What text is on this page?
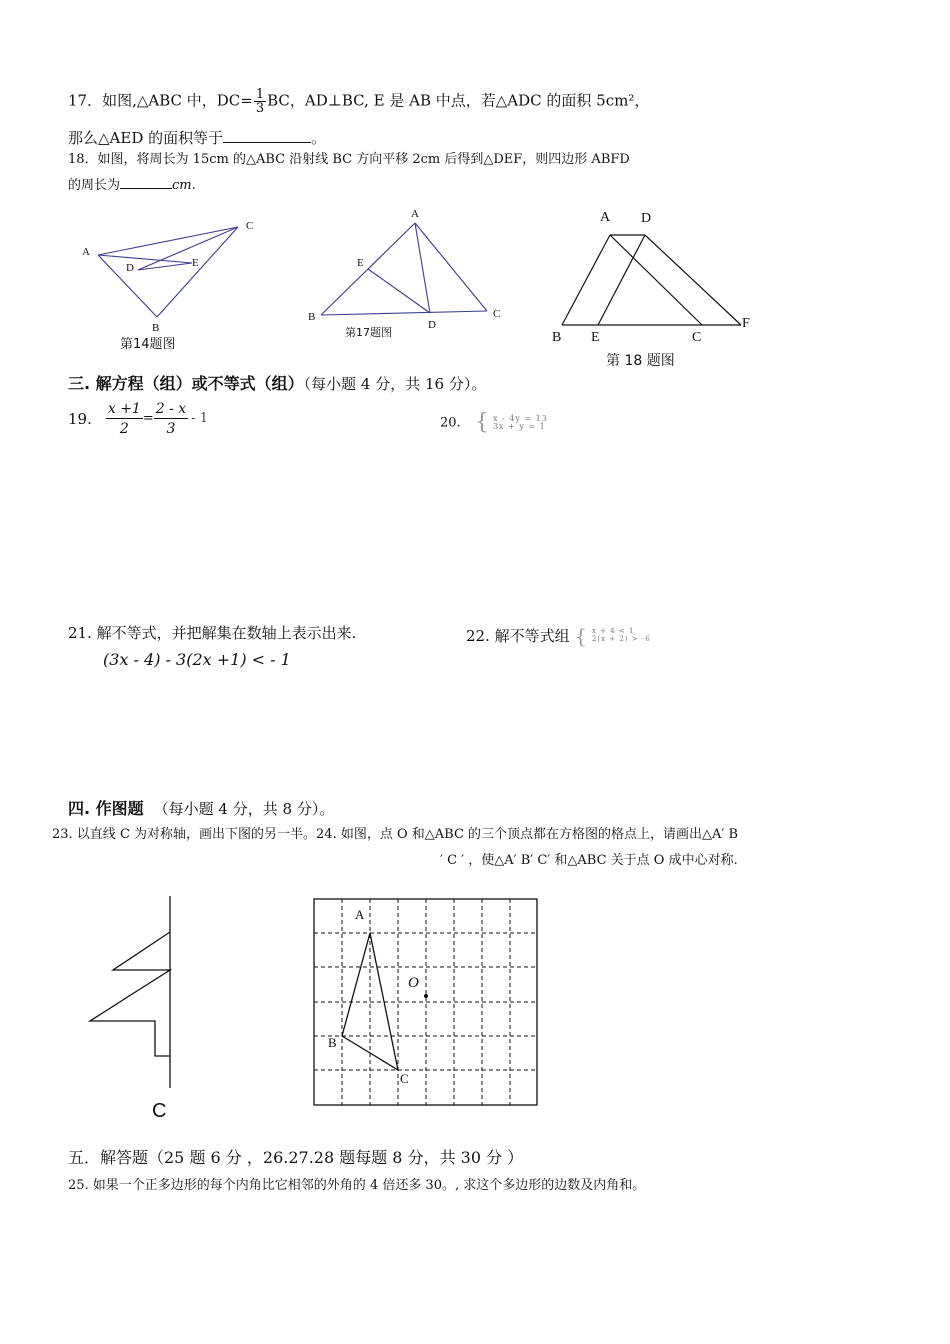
17．如图,△ABC 中，$DC= \frac{1}{3}$ BC，AD⊥BC, E 是 AB 中点，若△ADC 的面积 5cm²，
那么△AED 的面积等于	。
18．如图，将周长为 15cm 的△ABC 沿射线 BC 方向平移 2cm 后得到△DEF，则四边形 ABFD
的周长为	cm.
A
B
C
D	E
第14题图
A
B	C
D
E
第17题图
A D
B E	C
F
第 18 题图
三. 解方程（组）或不等式（组）（每小题 4 分，共 16 分）。
19. $\frac{x +1}{2} = \frac{2 - x}{3} - 1$	20. { x - 4y = 13
3x + y = 1
21. 解不等式，并把解集在数轴上表示出来.
(3x - 4) - 3(2x +1) < - 1
22. 解不等式组 { x + 4 < 1
2(x + 2) > -6
四. 作图题 （每小题 4 分，共 8 分）。
23. 以直线 C 为对称轴，画出下图的另一半。24. 如图，点 O 和△ABC 的三个顶点都在方格图的格点上，请画出△A′ B
′ C ′ ，使△A′ B′ C′ 和△ABC 关于点 O 成中心对称.
C
A
B
C
O
五．解答题（25 题 6 分 ，26.27.28 题每题 8 分，共 30 分 ）
25. 如果一个正多边形的每个内角比它相邻的外角的 4 倍还多 30。, 求这个多边形的边数及内角和。
